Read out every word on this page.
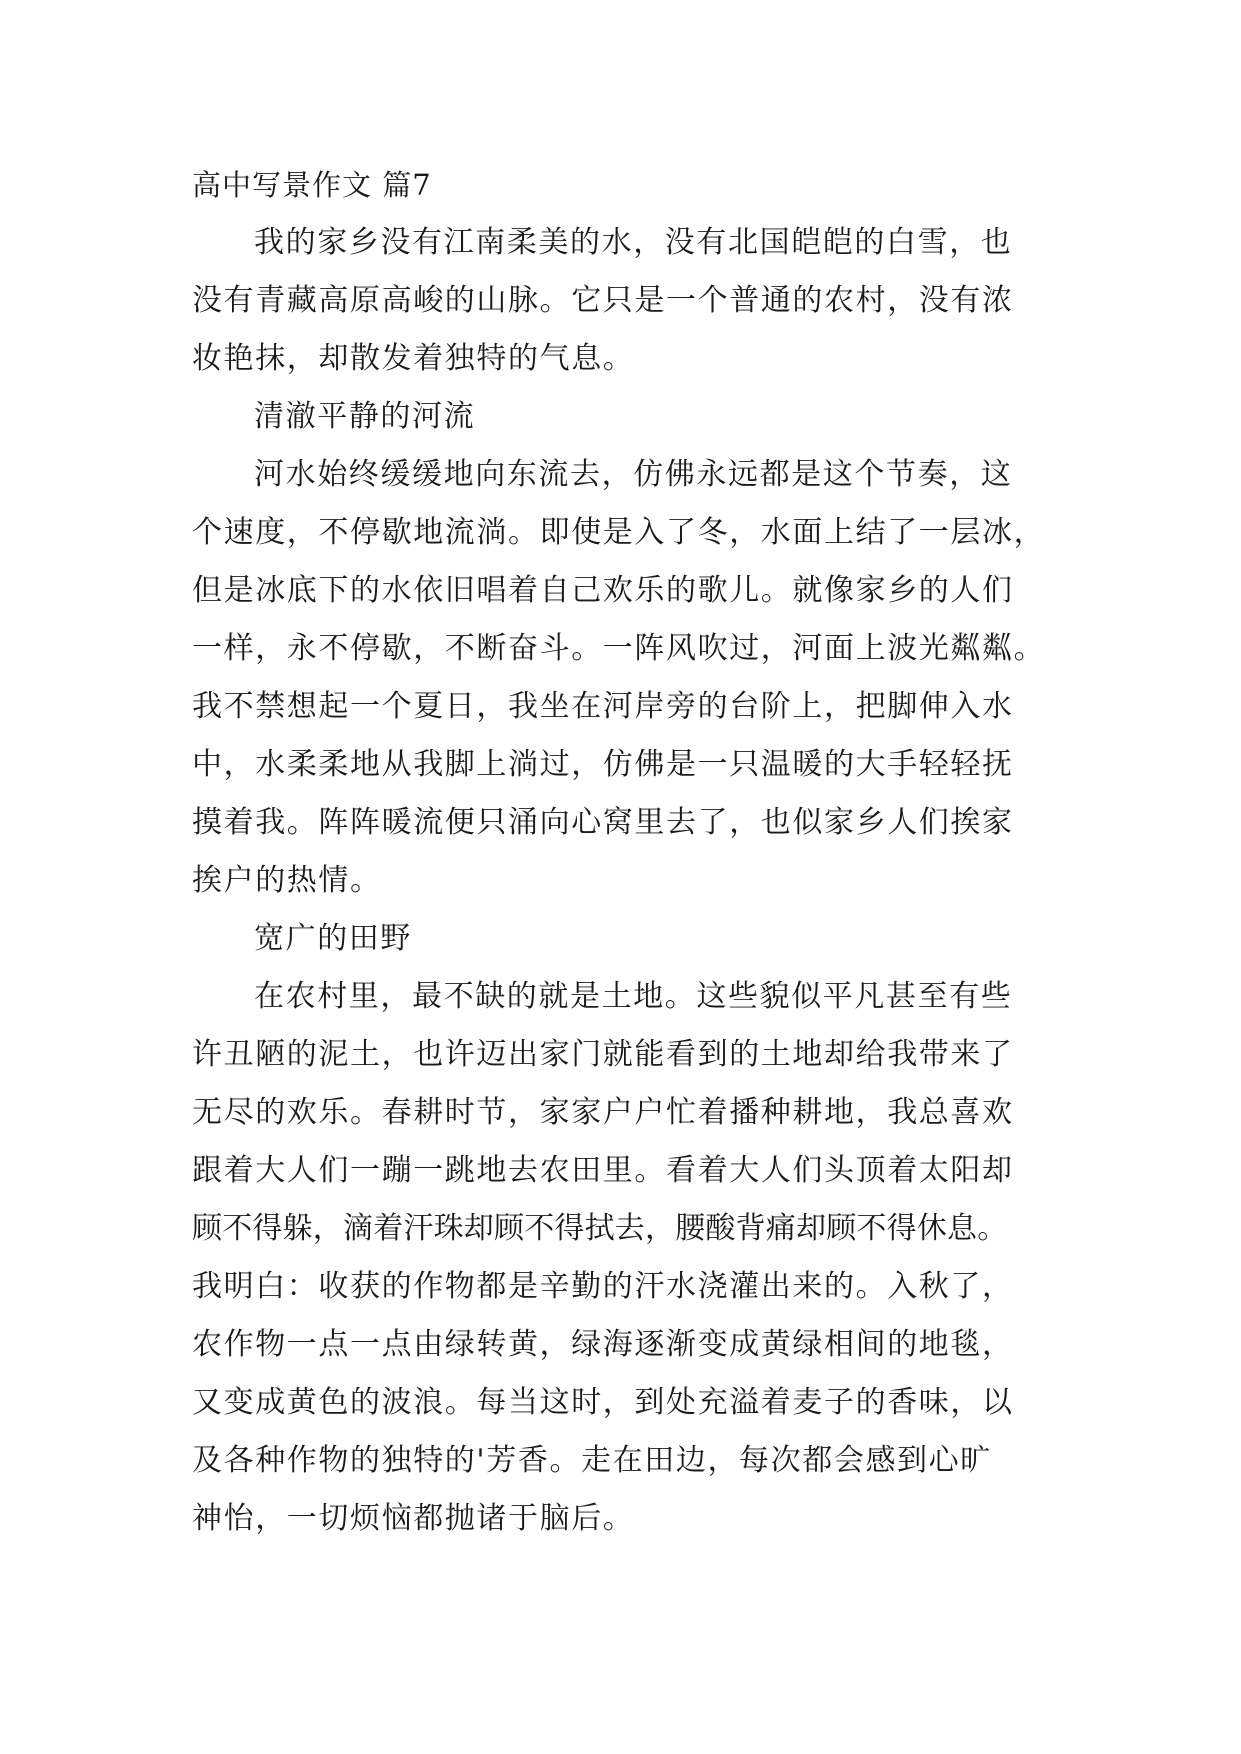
高中写景作文 篇7
我的家乡没有江南柔美的水，没有北国皑皑的白雪，也
没有青藏高原高峻的山脉。它只是一个普通的农村，没有浓
妆艳抹，却散发着独特的气息。
清澈平静的河流
河水始终缓缓地向东流去，仿佛永远都是这个节奏，这
个速度，不停歇地流淌。即使是入了冬，水面上结了一层冰，
但是冰底下的水依旧唱着自己欢乐的歌儿。就像家乡的人们
一样，永不停歇，不断奋斗。一阵风吹过，河面上波光粼粼。
我不禁想起一个夏日，我坐在河岸旁的台阶上，把脚伸入水
中，水柔柔地从我脚上淌过，仿佛是一只温暖的大手轻轻抚
摸着我。阵阵暖流便只涌向心窝里去了，也似家乡人们挨家
挨户的热情。
宽广的田野
在农村里，最不缺的就是土地。这些貌似平凡甚至有些
许丑陋的泥土，也许迈出家门就能看到的土地却给我带来了
无尽的欢乐。春耕时节，家家户户忙着播种耕地，我总喜欢
跟着大人们一蹦一跳地去农田里。看着大人们头顶着太阳却
顾不得躲，滴着汗珠却顾不得拭去，腰酸背痛却顾不得休息。
我明白：收获的作物都是辛勤的汗水浇灌出来的。入秋了，
农作物一点一点由绿转黄，绿海逐渐变成黄绿相间的地毯，
又变成黄色的波浪。每当这时，到处充溢着麦子的香味，以
及各种作物的独特的'芳香。走在田边，每次都会感到心旷
神怡，一切烦恼都抛诸于脑后。
